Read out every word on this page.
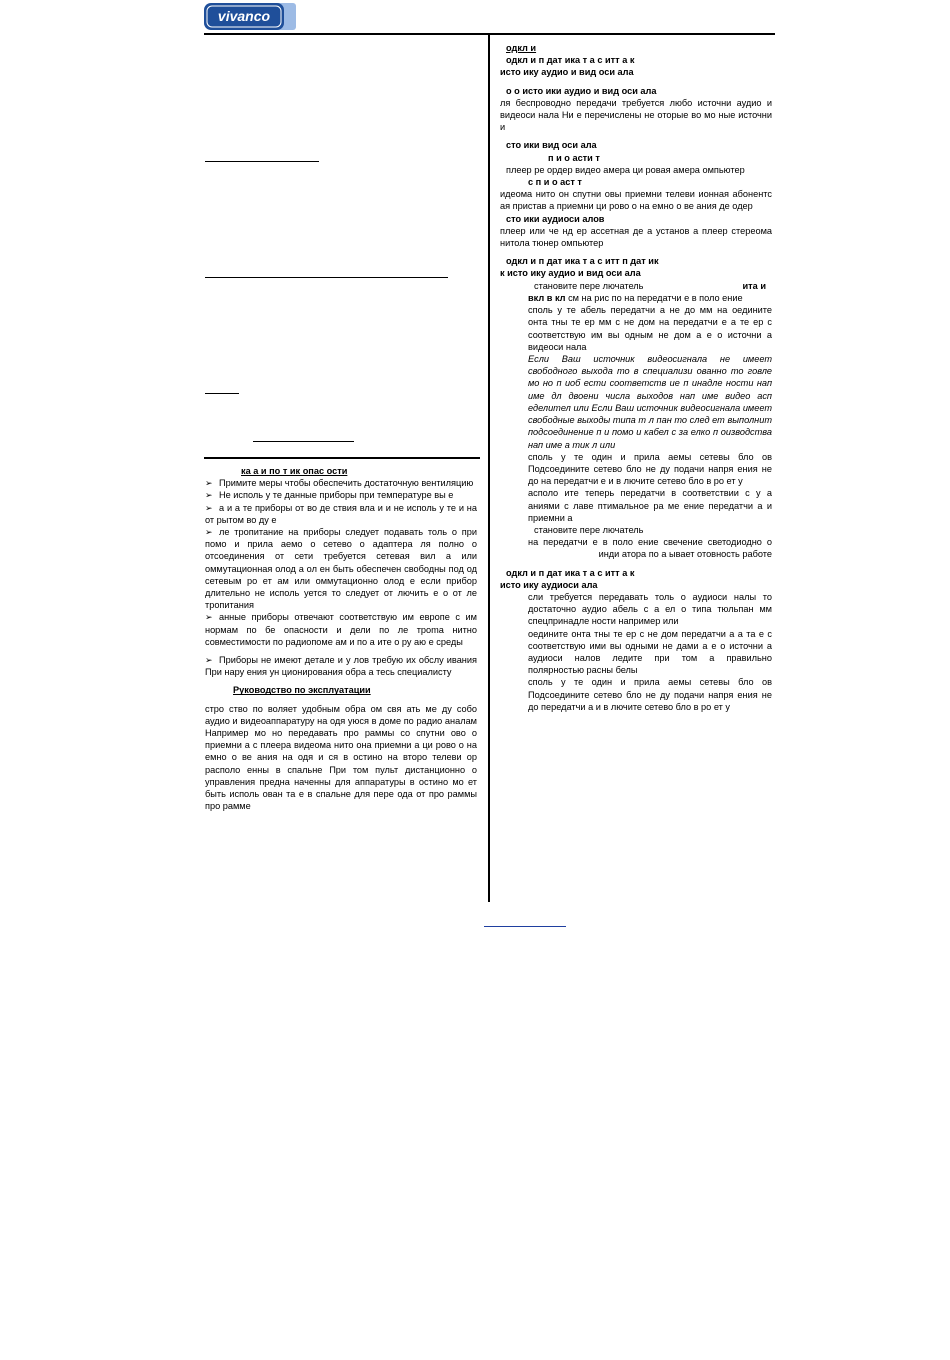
vivanco

ка а и по т ик опас ости

➢ Примите меры чтобы обеспечить достаточную вентиляцию

➢ Не исполь у те данные приборы при температуре вы е

➢ а и а те приборы от во де ствия вла и и не исполь у те и на от рытом во ду е

➢ ле тропитание на приборы следует подавать толь о при помо и прила аемо о сетево о адаптера ля полно о отсоединения от сети требуется сетевая вил а или оммутационная олод а ол ен быть обеспечен свободны под од сетевым ро ет ам или оммутационно олод е если прибор длительно не исполь уется то следует от лючить е о от ле тропитания

➢ анные приборы отвечают соответствую им европе с им нормам по бе опасности и дели по ле троma нитно совместимости по радиопоме ам и по а ите о ру аю е среды

➢ Приборы не имеют детале и у лов требую их обслу ивания При нару ения ун ционирования обра а тесь специалисту

Руководство по эксплуатации

стро ство по воляет удобным обра ом свя ать ме ду собо аудио и видеоаппаратуру на одя уюся в доме по радио аналам Например мо но передавать про раммы со спутни ово о приемни а с плеера видеома нито она приемни а ци рово о на емно о ве ания на одя и ся в остино на второ телеви ор располо енны в спальне При том пульт дистанционно о управления предна наченны для аппаратуры в остино мо ет быть исполь ован та е в спальне для пере ода от про раммы про рамме

одкл и

одкл и п дат ика т а с итт а к

исто ику аудио и вид оси ала

о о исто ики аудио и вид оси ала

ля беспроводно передачи требуется любо источни аудио и видеоси нала Ни е перечислены не оторые во мо ные источни и

сто ики вид оси ала

п и о асти т

плеер ре ордер видео амера ци ровая амера омпьютер

с п и о аст т

идеома нито он спутни овы приемни телеви ионная абонентс ая пристав а приемни ци рово о на емно о ве ания де одер

сто ики аудиоси алов

плеер или че нд ер ассетная де а установ а плеер стереома нитола тюнер омпьютер

одкл и п дат ика т а с итт п дат ик

к исто ику аудио и вид оси ала

становите пере лючатель	ита и

вкл в кл см на рис по на передатчи е в поло ение

споль у те абель передатчи а не до мм на оедините онта тны те ер мм с не дом на передатчи е а те ер с соответствую им вы одным не дом а е о источни а видеоси нала

Если Ваш источник видеосигнала не имеет свободного выхода то в специализи ованно то говле мо но п иоб ести соответств ие п инадле ности нап име дл двоени числа выходов нап име видео асп еделител или Если Ваш источник видеосигнала имеет свободные выходы типа т л пан то след ет выполнит подсоединение п и помо и кабел с за елко п оизводства нап име а тик л или

споль у те один и прила аемы сетевы бло ов Подсоедините сетево бло не ду подачи напря ения не до на передатчи е и в лючите сетево бло в ро ет у

асполо ите теперь передатчи в соответствии с у а аниями с лаве птимальное ра ме ение передатчи а и приемни а

становите пере лючатель

на передатчи е в поло ение свечение светодиодно о инди атора по а ывает отовность работе

одкл и п дат ика т а с итт а к

исто ику аудиоси ала

сли требуется передавать толь о аудиоси налы то достаточно аудио абель с а ел о типа тюльпан мм спецпринадле ности например или

оедините онта тны те ер с не дом передатчи а а та е с соответствую ими вы одными не дами а е о источни а аудиоси налов ледите при том а правильно полярностью расны белы

споль у те один и прила аемы сетевы бло ов Подсоедините сетево бло не ду подачи напря ения не до передатчи а и в лючите сетево бло в ро ет у
